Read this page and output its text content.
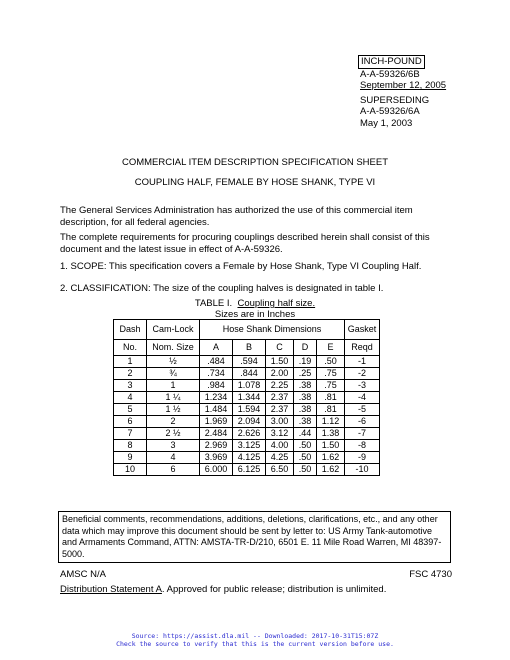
INCH-POUND
A-A-59326/6B
September 12, 2005
SUPERSEDING
A-A-59326/6A
May 1, 2003
COMMERCIAL ITEM DESCRIPTION SPECIFICATION SHEET
COUPLING HALF, FEMALE BY HOSE SHANK, TYPE VI
The General Services Administration has authorized the use of this commercial item description, for all federal agencies.
The complete requirements for procuring couplings described herein shall consist of this document and the latest issue in effect of A-A-59326.
1. SCOPE: This specification covers a Female by Hose Shank, Type VI Coupling Half.
2. CLASSIFICATION: The size of the coupling halves is designated in table I.
TABLE I. Coupling half size.
Sizes are in Inches
Dash	Cam-Lock	Hose Shank Dimensions					Gasket
No.	Nom. Size	A	B	C	D	E	Reqd
1	½	.484	.594	1.50	.19	.50	-1
2	¾	.734	.844	2.00	.25	.75	-2
3	1	.984	1.078	2.25	.38	.75	-3
4	1 ¼	1.234	1.344	2.37	.38	.81	-4
5	1 ½	1.484	1.594	2.37	.38	.81	-5
6	2	1.969	2.094	3.00	.38	1.12	-6
7	2 ½	2.484	2.626	3.12	.44	1.38	-7
8	3	2.969	3.125	4.00	.50	1.50	-8
9	4	3.969	4.125	4.25	.50	1.62	-9
10	6	6.000	6.125	6.50	.50	1.62	-10
Beneficial comments, recommendations, additions, deletions, clarifications, etc., and any other data which may improve this document should be sent by letter to: US Army Tank-automotive and Armaments Command, ATTN: AMSTA-TR-D/210, 6501 E. 11 Mile Road Warren, MI 48397-5000.
AMSC N/A	FSC 4730
Distribution Statement A. Approved for public release; distribution is unlimited.
Source: https://assist.dla.mil -- Downloaded: 2017-10-31T15:07Z
Check the source to verify that this is the current version before use.
